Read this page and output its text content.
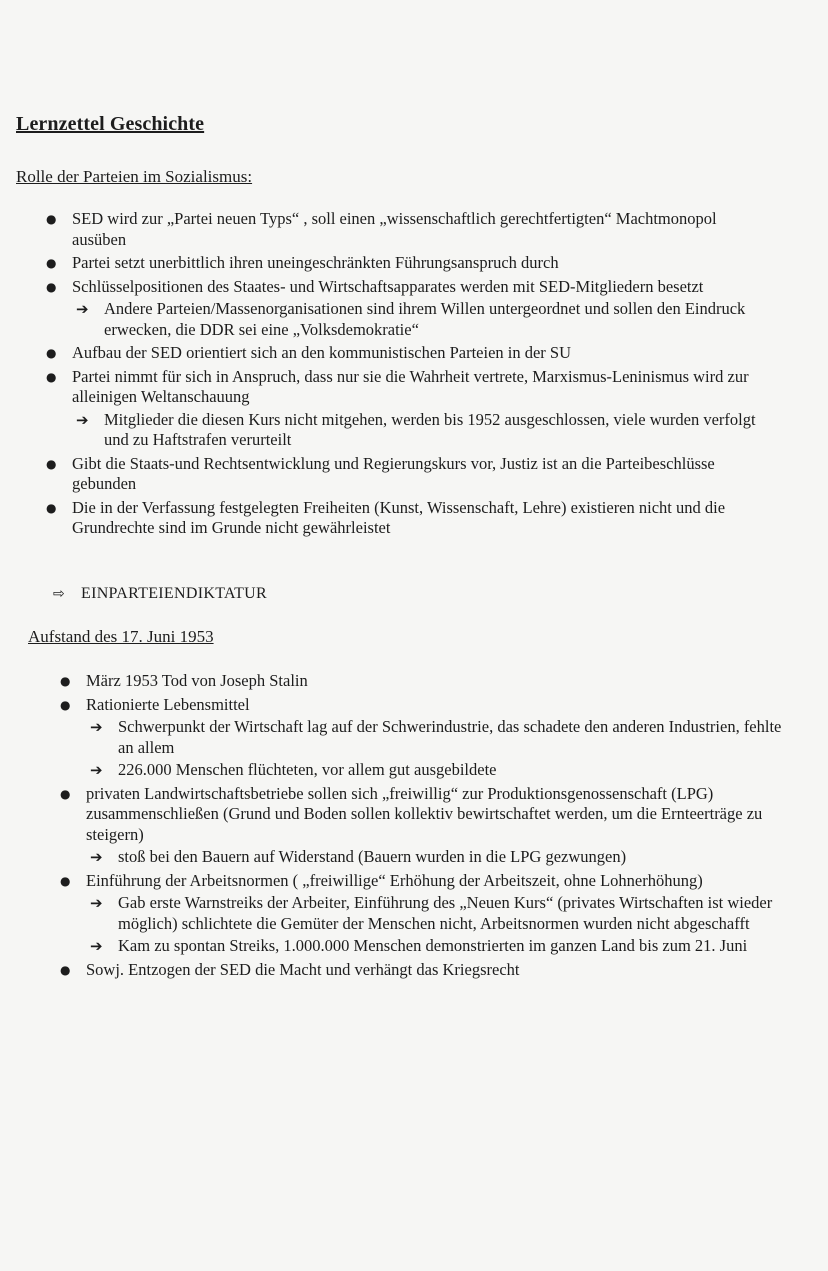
Lernzettel Geschichte
Rolle der Parteien im Sozialismus:
● SED wird zur „Partei neuen Typs“ , soll einen „wissenschaftlich gerechtfertigten“ Machtmonopol ausüben
● Partei setzt unerbittlich ihren uneingeschränkten Führungsanspruch durch
● Schlüsselpositionen des Staates- und Wirtschaftsapparates werden mit SED-Mitgliedern besetzt
➔ Andere Parteien/Massenorganisationen sind ihrem Willen untergeordnet und sollen den Eindruck erwecken, die DDR sei eine „Volksdemokratie“
● Aufbau der SED orientiert sich an den kommunistischen Parteien in der SU
● Partei nimmt für sich in Anspruch, dass nur sie die Wahrheit vertrete, Marxismus-Leninismus wird zur alleinigen Weltanschauung
➔ Mitglieder die diesen Kurs nicht mitgehen, werden bis 1952 ausgeschlossen, viele wurden verfolgt und zu Haftstrafen verurteilt
● Gibt die Staats-und Rechtsentwicklung und Regierungskurs vor, Justiz ist an die Parteibeschlüsse gebunden
● Die in der Verfassung festgelegten Freiheiten (Kunst, Wissenschaft, Lehre) existieren nicht und die Grundrechte sind im Grunde nicht gewährleistet
⇨ EINPARTEIENDIKTATUR
Aufstand des 17. Juni 1953
● März 1953 Tod von Joseph Stalin
● Rationierte Lebensmittel
➔ Schwerpunkt der Wirtschaft lag auf der Schwerindustrie, das schadete den anderen Industrien, fehlte an allem
➔ 226.000 Menschen flüchteten, vor allem gut ausgebildete
● privaten Landwirtschaftsbetriebe sollen sich „freiwillig“ zur Produktionsgenossenschaft (LPG) zusammenschließen (Grund und Boden sollen kollektiv bewirtschaftet werden, um die Ernteerträge zu steigern)
➔ stoß bei den Bauern auf Widerstand (Bauern wurden in die LPG gezwungen)
● Einführung der Arbeitsnormen ( „freiwillige“ Erhöhung der Arbeitszeit, ohne Lohnerhöhung)
➔ Gab erste Warnstreiks der Arbeiter, Einführung des „Neuen Kurs“ (privates Wirtschaften ist wieder möglich) schlichtete die Gemüter der Menschen nicht, Arbeitsnormen wurden nicht abgeschafft
➔ Kam zu spontan Streiks, 1.000.000 Menschen demonstrierten im ganzen Land bis zum 21. Juni
● Sowj. Entzogen der SED die Macht und verhängt das Kriegsrecht
